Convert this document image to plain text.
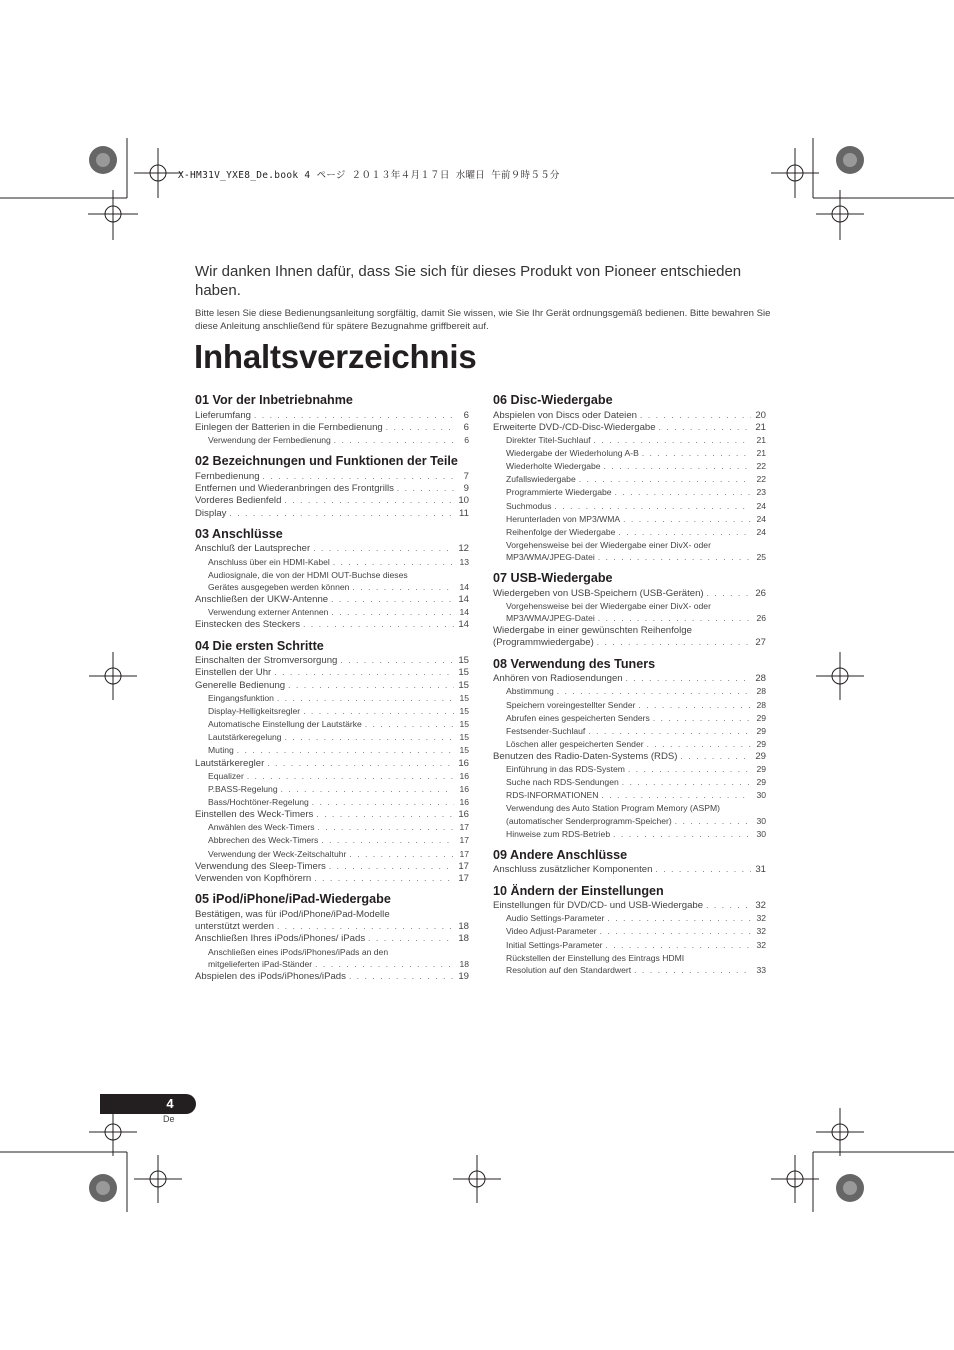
X-HM31V_YXE8_De.book 4 ページ ２０１３年４月１７日 水曜日 午前９時５５分
Wir danken Ihnen dafür, dass Sie sich für dieses Produkt von Pioneer entschieden haben.
Bitte lesen Sie diese Bedienungsanleitung sorgfältig, damit Sie wissen, wie Sie Ihr Gerät ordnungsgemäß bedienen. Bitte bewahren Sie diese Anleitung anschließend für spätere Bezugnahme griffbereit auf.
Inhaltsverzeichnis
01 Vor der Inbetriebnahme
Lieferumfang . . .	6
Einlegen der Batterien in die Fernbedienung . . .	6
Verwendung der Fernbedienung . . .	6
02 Bezeichnungen und Funktionen der Teile
Fernbedienung . . .	7
Entfernen und Wiederanbringen des Frontgrills . . .	9
Vorderes Bedienfeld . . .	10
Display . . .	11
03 Anschlüsse
Anschluß der Lautsprecher . . .	12
Anschluss über ein HDMI-Kabel . . .	13
Audiosignale, die von der HDMI OUT-Buchse dieses
Gerätes ausgegeben werden können . . .	14
Anschließen der UKW-Antenne . . .	14
Verwendung externer Antennen . . .	14
Einstecken des Steckers . . .	14
04 Die ersten Schritte
Einschalten der Stromversorgung . . .	15
Einstellen der Uhr . . .	15
Generelle Bedienung . . .	15
Eingangsfunktion . . .	15
Display-Helligkeitsregler . . .	15
Automatische Einstellung der Lautstärke . . .	15
Lautstärkeregelung . . .	15
Muting . . .	15
Lautstärkeregler . . .	16
Equalizer . . .	16
P.BASS-Regelung . . .	16
Bass/Hochtöner-Regelung . . .	16
Einstellen des Weck-Timers . . .	16
Anwählen des Weck-Timers . . .	17
Abbrechen des Weck-Timers . . .	17
Verwendung der Weck-Zeitschaltuhr . . .	17
Verwendung des Sleep-Timers . . .	17
Verwenden von Kopfhörern . . .	17
05 iPod/iPhone/iPad-Wiedergabe
Bestätigen, was für iPod/iPhone/iPad-Modelle
unterstützt werden . . .	18
Anschließen Ihres iPods/iPhones/ iPads . . .	18
Anschließen eines iPods/iPhones/iPads an den
mitgelieferten iPad-Ständer . . .	18
Abspielen des iPods/iPhones/iPads . . .	19
06 Disc-Wiedergabe
Abspielen von Discs oder Dateien . . .	20
Erweiterte DVD-/CD-Disc-Wiedergabe . . .	21
Direkter Titel-Suchlauf . . .	21
Wiedergabe der Wiederholung A-B . . .	21
Wiederholte Wiedergabe . . .	22
Zufallswiedergabe . . .	22
Programmierte Wiedergabe . . .	23
Suchmodus . . .	24
Herunterladen von MP3/WMA . . .	24
Reihenfolge der Wiedergabe . . .	24
Vorgehensweise bei der Wiedergabe einer DivX- oder
MP3/WMA/JPEG-Datei . . .	25
07 USB-Wiedergabe
Wiedergeben von USB-Speichern (USB-Geräten) . . .	26
Vorgehensweise bei der Wiedergabe einer DivX- oder
MP3/WMA/JPEG-Datei . . .	26
Wiedergabe in einer gewünschten Reihenfolge
(Programmwiedergabe) . . .	27
08 Verwendung des Tuners
Anhören von Radiosendungen . . .	28
Abstimmung . . .	28
Speichern voreingestellter Sender . . .	28
Abrufen eines gespeicherten Senders . . .	29
Festsender-Suchlauf . . .	29
Löschen aller gespeicherten Sender . . .	29
Benutzen des Radio-Daten-Systems (RDS) . . .	29
Einführung in das RDS-System . . .	29
Suche nach RDS-Sendungen . . .	29
RDS-INFORMATIONEN . . .	30
Verwendung des Auto Station Program Memory (ASPM)
(automatischer Senderprogramm-Speicher) . . .	30
Hinweise zum RDS-Betrieb . . .	30
09 Andere Anschlüsse
Anschluss zusätzlicher Komponenten . . .	31
10 Ändern der Einstellungen
Einstellungen für DVD/CD- und USB-Wiedergabe . . .	32
Audio Settings-Parameter . . .	32
Video Adjust-Parameter . . .	32
Initial Settings-Parameter . . .	32
Rückstellen der Einstellung des Eintrags HDMI
Resolution auf den Standardwert . . .	33
4
De
